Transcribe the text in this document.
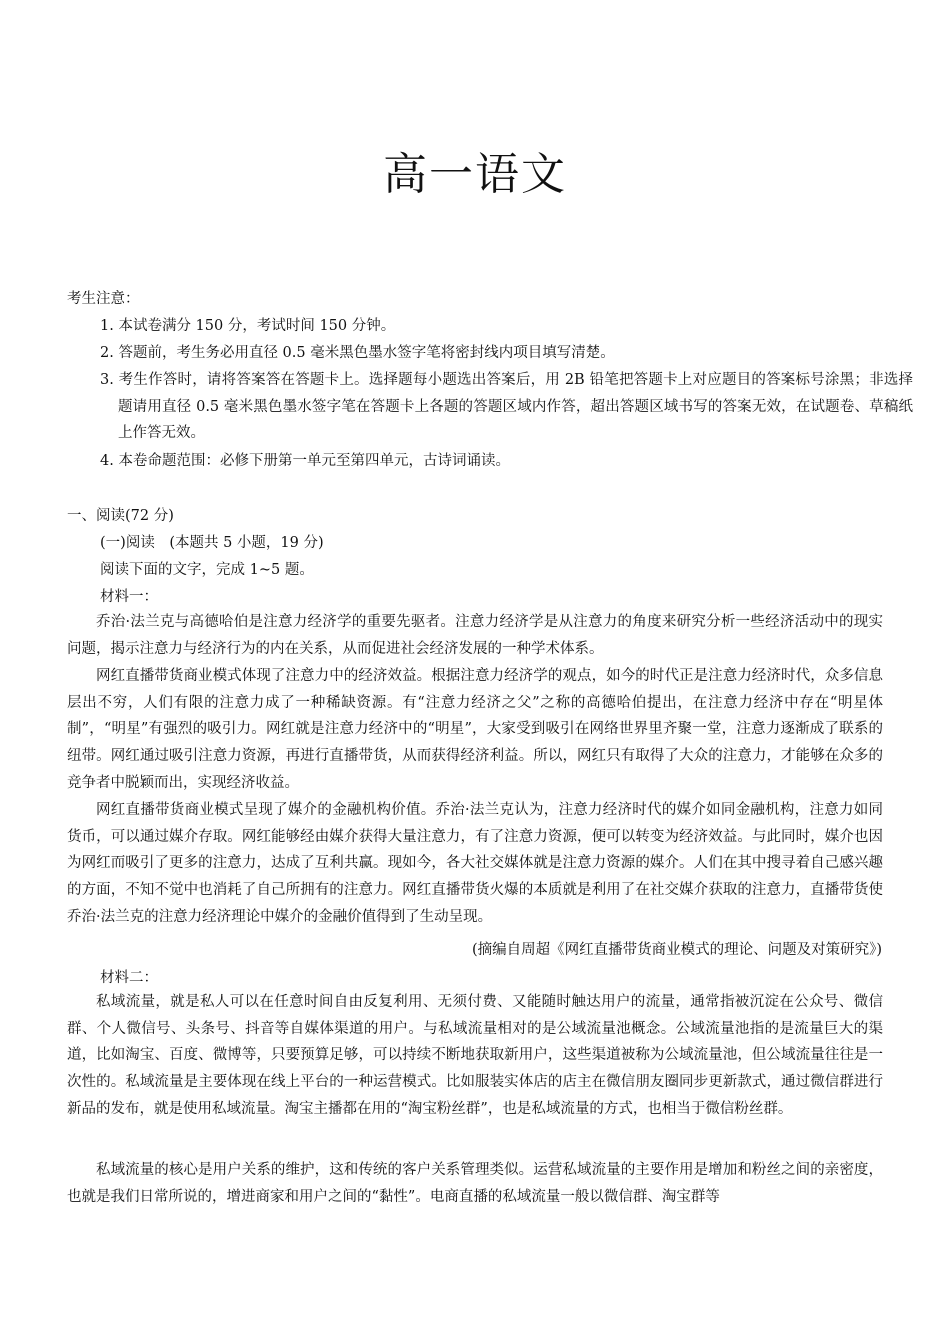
高一语文
考生注意：
1. 本试卷满分 150 分，考试时间 150 分钟。
2. 答题前，考生务必用直径 0.5 毫米黑色墨水签字笔将密封线内项目填写清楚。
3. 考生作答时，请将答案答在答题卡上。选择题每小题选出答案后，用 2B 铅笔把答题卡上对应题目的答案标号涂黑；非选择题请用直径 0.5 毫米黑色墨水签字笔在答题卡上各题的答题区域内作答，超出答题区域书写的答案无效，在试题卷、草稿纸上作答无效。
4. 本卷命题范围：必修下册第一单元至第四单元，古诗词诵读。
一、阅读(72 分)
(一)阅读　(本题共 5 小题，19 分)
阅读下面的文字，完成 1~5 题。
材料一：
乔治·法兰克与高德哈伯是注意力经济学的重要先驱者。注意力经济学是从注意力的角度来研究分析一些经济活动中的现实问题，揭示注意力与经济行为的内在关系，从而促进社会经济发展的一种学术体系。
网红直播带货商业模式体现了注意力中的经济效益。根据注意力经济学的观点，如今的时代正是注意力经济时代，众多信息层出不穷，人们有限的注意力成了一种稀缺资源。有“注意力经济之父”之称的高德哈伯提出，在注意力经济中存在“明星体制”，“明星”有强烈的吸引力。网红就是注意力经济中的“明星”，大家受到吸引在网络世界里齐聚一堂，注意力逐渐成了联系的纽带。网红通过吸引注意力资源，再进行直播带货，从而获得经济利益。所以，网红只有取得了大众的注意力，才能够在众多的竞争者中脱颖而出，实现经济收益。
网红直播带货商业模式呈现了媒介的金融机构价值。乔治·法兰克认为，注意力经济时代的媒介如同金融机构，注意力如同货币，可以通过媒介存取。网红能够经由媒介获得大量注意力，有了注意力资源，便可以转变为经济效益。与此同时，媒介也因为网红而吸引了更多的注意力，达成了互利共赢。现如今，各大社交媒体就是注意力资源的媒介。人们在其中搜寻着自己感兴趣的方面，不知不觉中也消耗了自己所拥有的注意力。网红直播带货火爆的本质就是利用了在社交媒介获取的注意力，直播带货使乔治·法兰克的注意力经济理论中媒介的金融价值得到了生动呈现。
(摘编自周超《网红直播带货商业模式的理论、问题及对策研究》)
材料二：
私域流量，就是私人可以在任意时间自由反复利用、无须付费、又能随时触达用户的流量，通常指被沉淀在公众号、微信群、个人微信号、头条号、抖音等自媒体渠道的用户。与私域流量相对的是公域流量池概念。公域流量池指的是流量巨大的渠道，比如淘宝、百度、微博等，只要预算足够，可以持续不断地获取新用户，这些渠道被称为公域流量池，但公域流量往往是一次性的。私域流量是主要体现在线上平台的一种运营模式。比如服装实体店的店主在微信朋友圈同步更新款式，通过微信群进行新品的发布，就是使用私域流量。淘宝主播都在用的“淘宝粉丝群”，也是私域流量的方式，也相当于微信粉丝群。
私域流量的核心是用户关系的维护，这和传统的客户关系管理类似。运营私域流量的主要作用是增加和粉丝之间的亲密度，也就是我们日常所说的，增进商家和用户之间的“黏性”。电商直播的私域流量一般以微信群、淘宝群等
